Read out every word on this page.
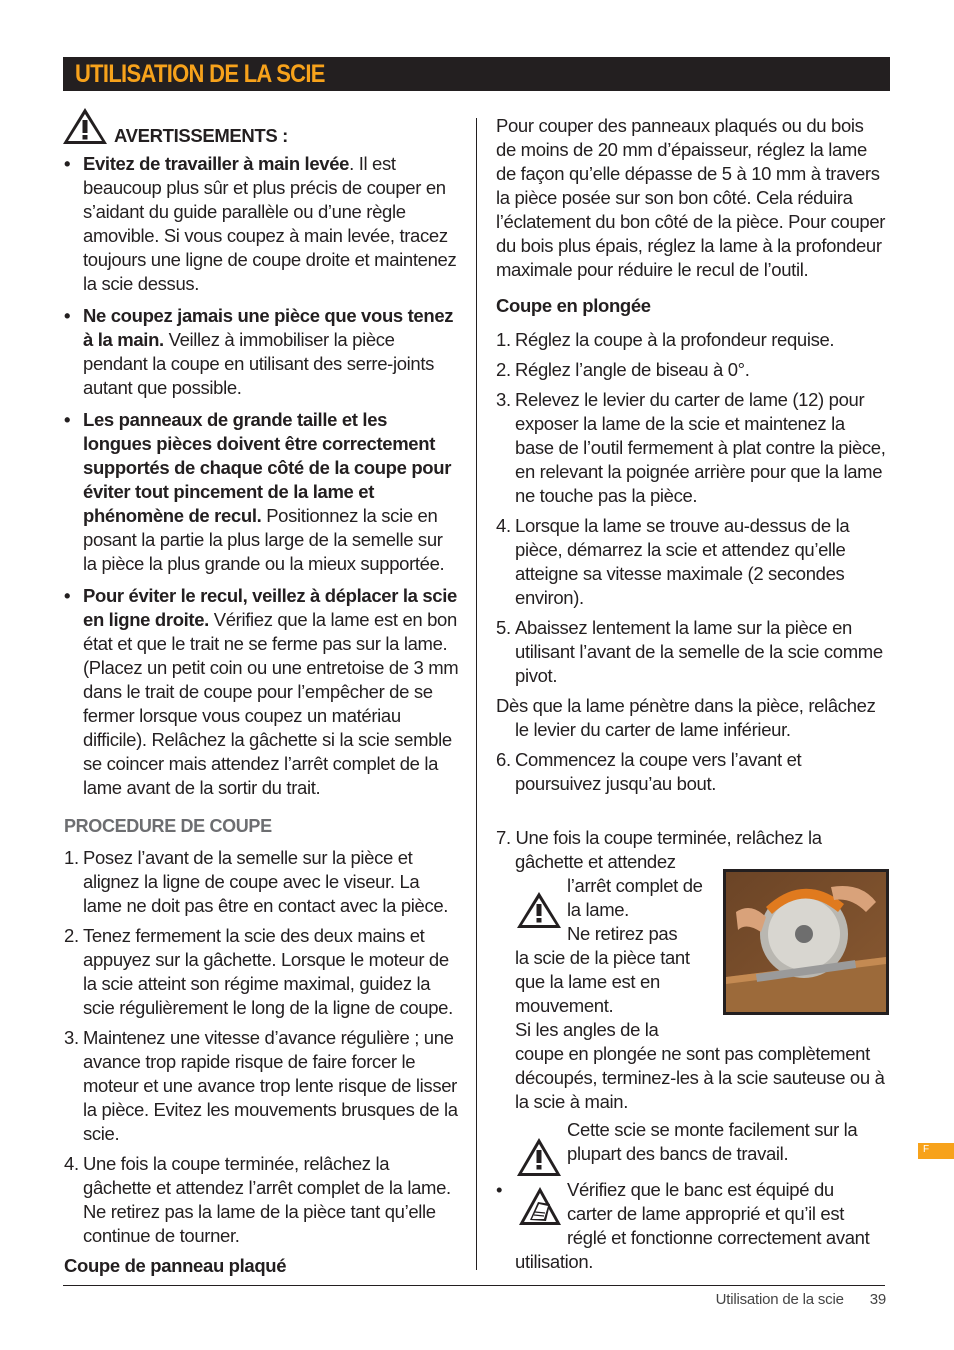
UTILISATION DE LA SCIE
AVERTISSEMENTS :
• Evitez de travailler à main levée. Il est beaucoup plus sûr et plus précis de couper en s’aidant du guide parallèle ou d’une règle amovible. Si vous coupez à main levée, tracez toujours une ligne de coupe droite et maintenez la scie dessus.

• Ne coupez jamais une pièce que vous tenez à la main. Veillez à immobiliser la pièce pendant la coupe en utilisant des serre-joints autant que possible.

• Les panneaux de grande taille et les longues pièces doivent être correctement supportés de chaque côté de la coupe pour éviter tout pincement de la lame et phénomène de recul. Positionnez la scie en posant la partie la plus large de la semelle sur la pièce la plus grande ou la mieux supportée.

• Pour éviter le recul, veillez à déplacer la scie en ligne droite. Vérifiez que la lame est en bon état et que le trait ne se ferme pas sur la lame. (Placez un petit coin ou une entretoise de 3 mm dans le trait de coupe pour l’empêcher de se fermer lorsque vous coupez un matériau difficile). Relâchez la gâchette si la scie semble se coincer mais attendez l’arrêt complet de la lame avant de la sortir du trait.

PROCEDURE DE COUPE
1. Posez l’avant de la semelle sur la pièce et alignez la ligne de coupe avec le viseur. La lame ne doit pas être en contact avec la pièce.

2. Tenez fermement la scie des deux mains et appuyez sur la gâchette. Lorsque le moteur de la scie atteint son régime maximal, guidez la scie régulièrement le long de la ligne de coupe.

3. Maintenez une vitesse d’avance régulière ; une avance trop rapide risque de faire forcer le moteur et une avance trop lente risque de lisser la pièce. Evitez les mouvements brusques de la scie.

4. Une fois la coupe terminée, relâchez la gâchette et attendez l’arrêt complet de la lame. Ne retirez pas la lame de la pièce tant qu’elle continue de tourner.

Coupe de panneau plaqué

Pour couper des panneaux plaqués ou du bois de moins de 20 mm d’épaisseur, réglez la lame de façon qu’elle dépasse de 5 à 10 mm à travers la pièce posée sur son bon côté. Cela réduira l’éclatement du bon côté de la pièce. Pour couper du bois plus épais, réglez la lame à la profondeur maximale pour réduire le recul de l’outil.

Coupe en plongée
1. Réglez la coupe à la profondeur requise.

2. Réglez l’angle de biseau à 0°.

3. Relevez le levier du carter de lame (12) pour exposer la lame de la scie et maintenez la base de l’outil fermement à plat contre la pièce, en relevant la poignée arrière pour que la lame ne touche pas la pièce.

4. Lorsque la lame se trouve au-dessus de la pièce, démarrez la scie et attendez qu’elle atteigne sa vitesse maximale (2 secondes environ).

5. Abaissez lentement la lame sur la pièce en utilisant l’avant de la semelle de la scie comme pivot.

Dès que la lame pénètre dans la pièce, relâchez le levier du carter de lame inférieur.

6. Commencez la coupe vers l’avant et poursuivez jusqu’au bout.

7. Une fois la coupe terminée, relâchez la

gâchette et attendez

l’arrêt complet de

la lame.

Ne retirez pas

la scie de la pièce tant

que la lame est en

mouvement.

Si les angles de la

coupe en plongée ne sont pas complètement découpés, terminez-les à la scie sauteuse ou à la scie à main.

Cette scie se monte facilement sur la plupart des bancs de travail.

•	Vérifiez que le banc est équipé du

carter de lame approprié et qu’il est

réglé et fonctionne correctement avant

utilisation.

F
Utilisation de la scie 39
